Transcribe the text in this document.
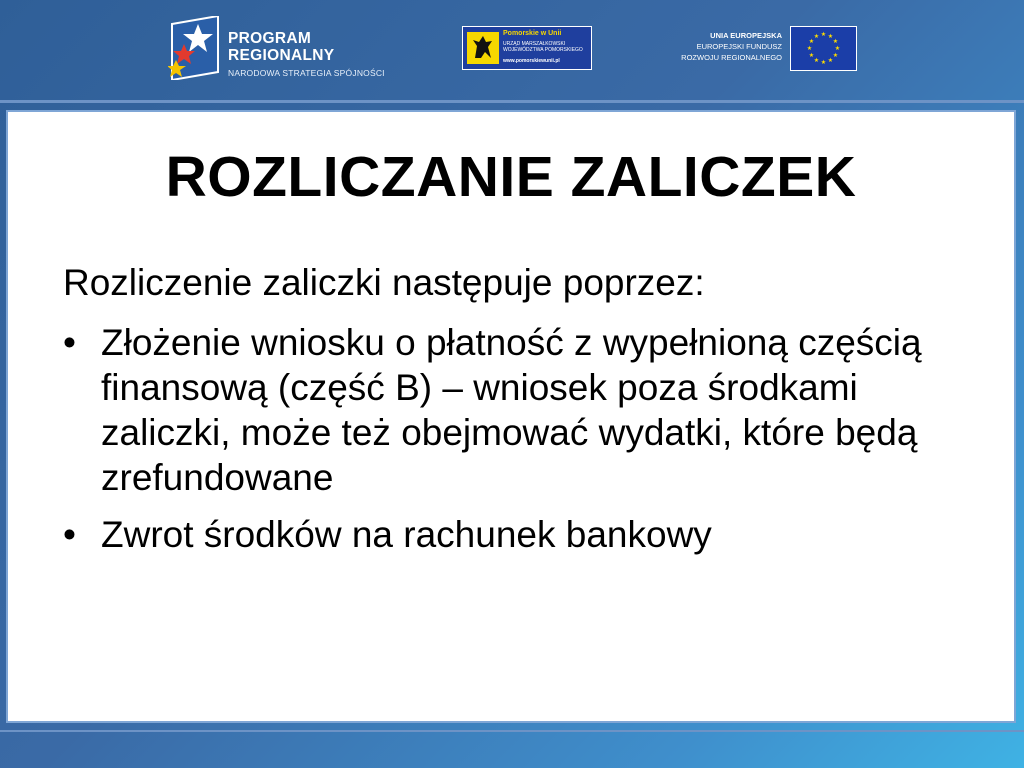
PROGRAM
REGIONALNY
NARODOWA STRATEGIA SPÓJNOŚCI
Pomorskie w Unii
URZĄD MARSZAŁKOWSKI WOJEWÓDZTWA POMORSKIEGO
www.pomorskiewunii.pl
UNIA EUROPEJSKA
EUROPEJSKI FUNDUSZ
ROZWOJU REGIONALNEGO
★ ★
★
★
★
★
★
★
★
★
★
★
ROZLICZANIE ZALICZEK
Rozliczenie zaliczki następuje poprzez:
• Złożenie wniosku o płatność z wypełnioną częścią finansową (część B) – wniosek poza środkami zaliczki, może też obejmować wydatki, które będą zrefundowane
• Zwrot środków na rachunek bankowy
